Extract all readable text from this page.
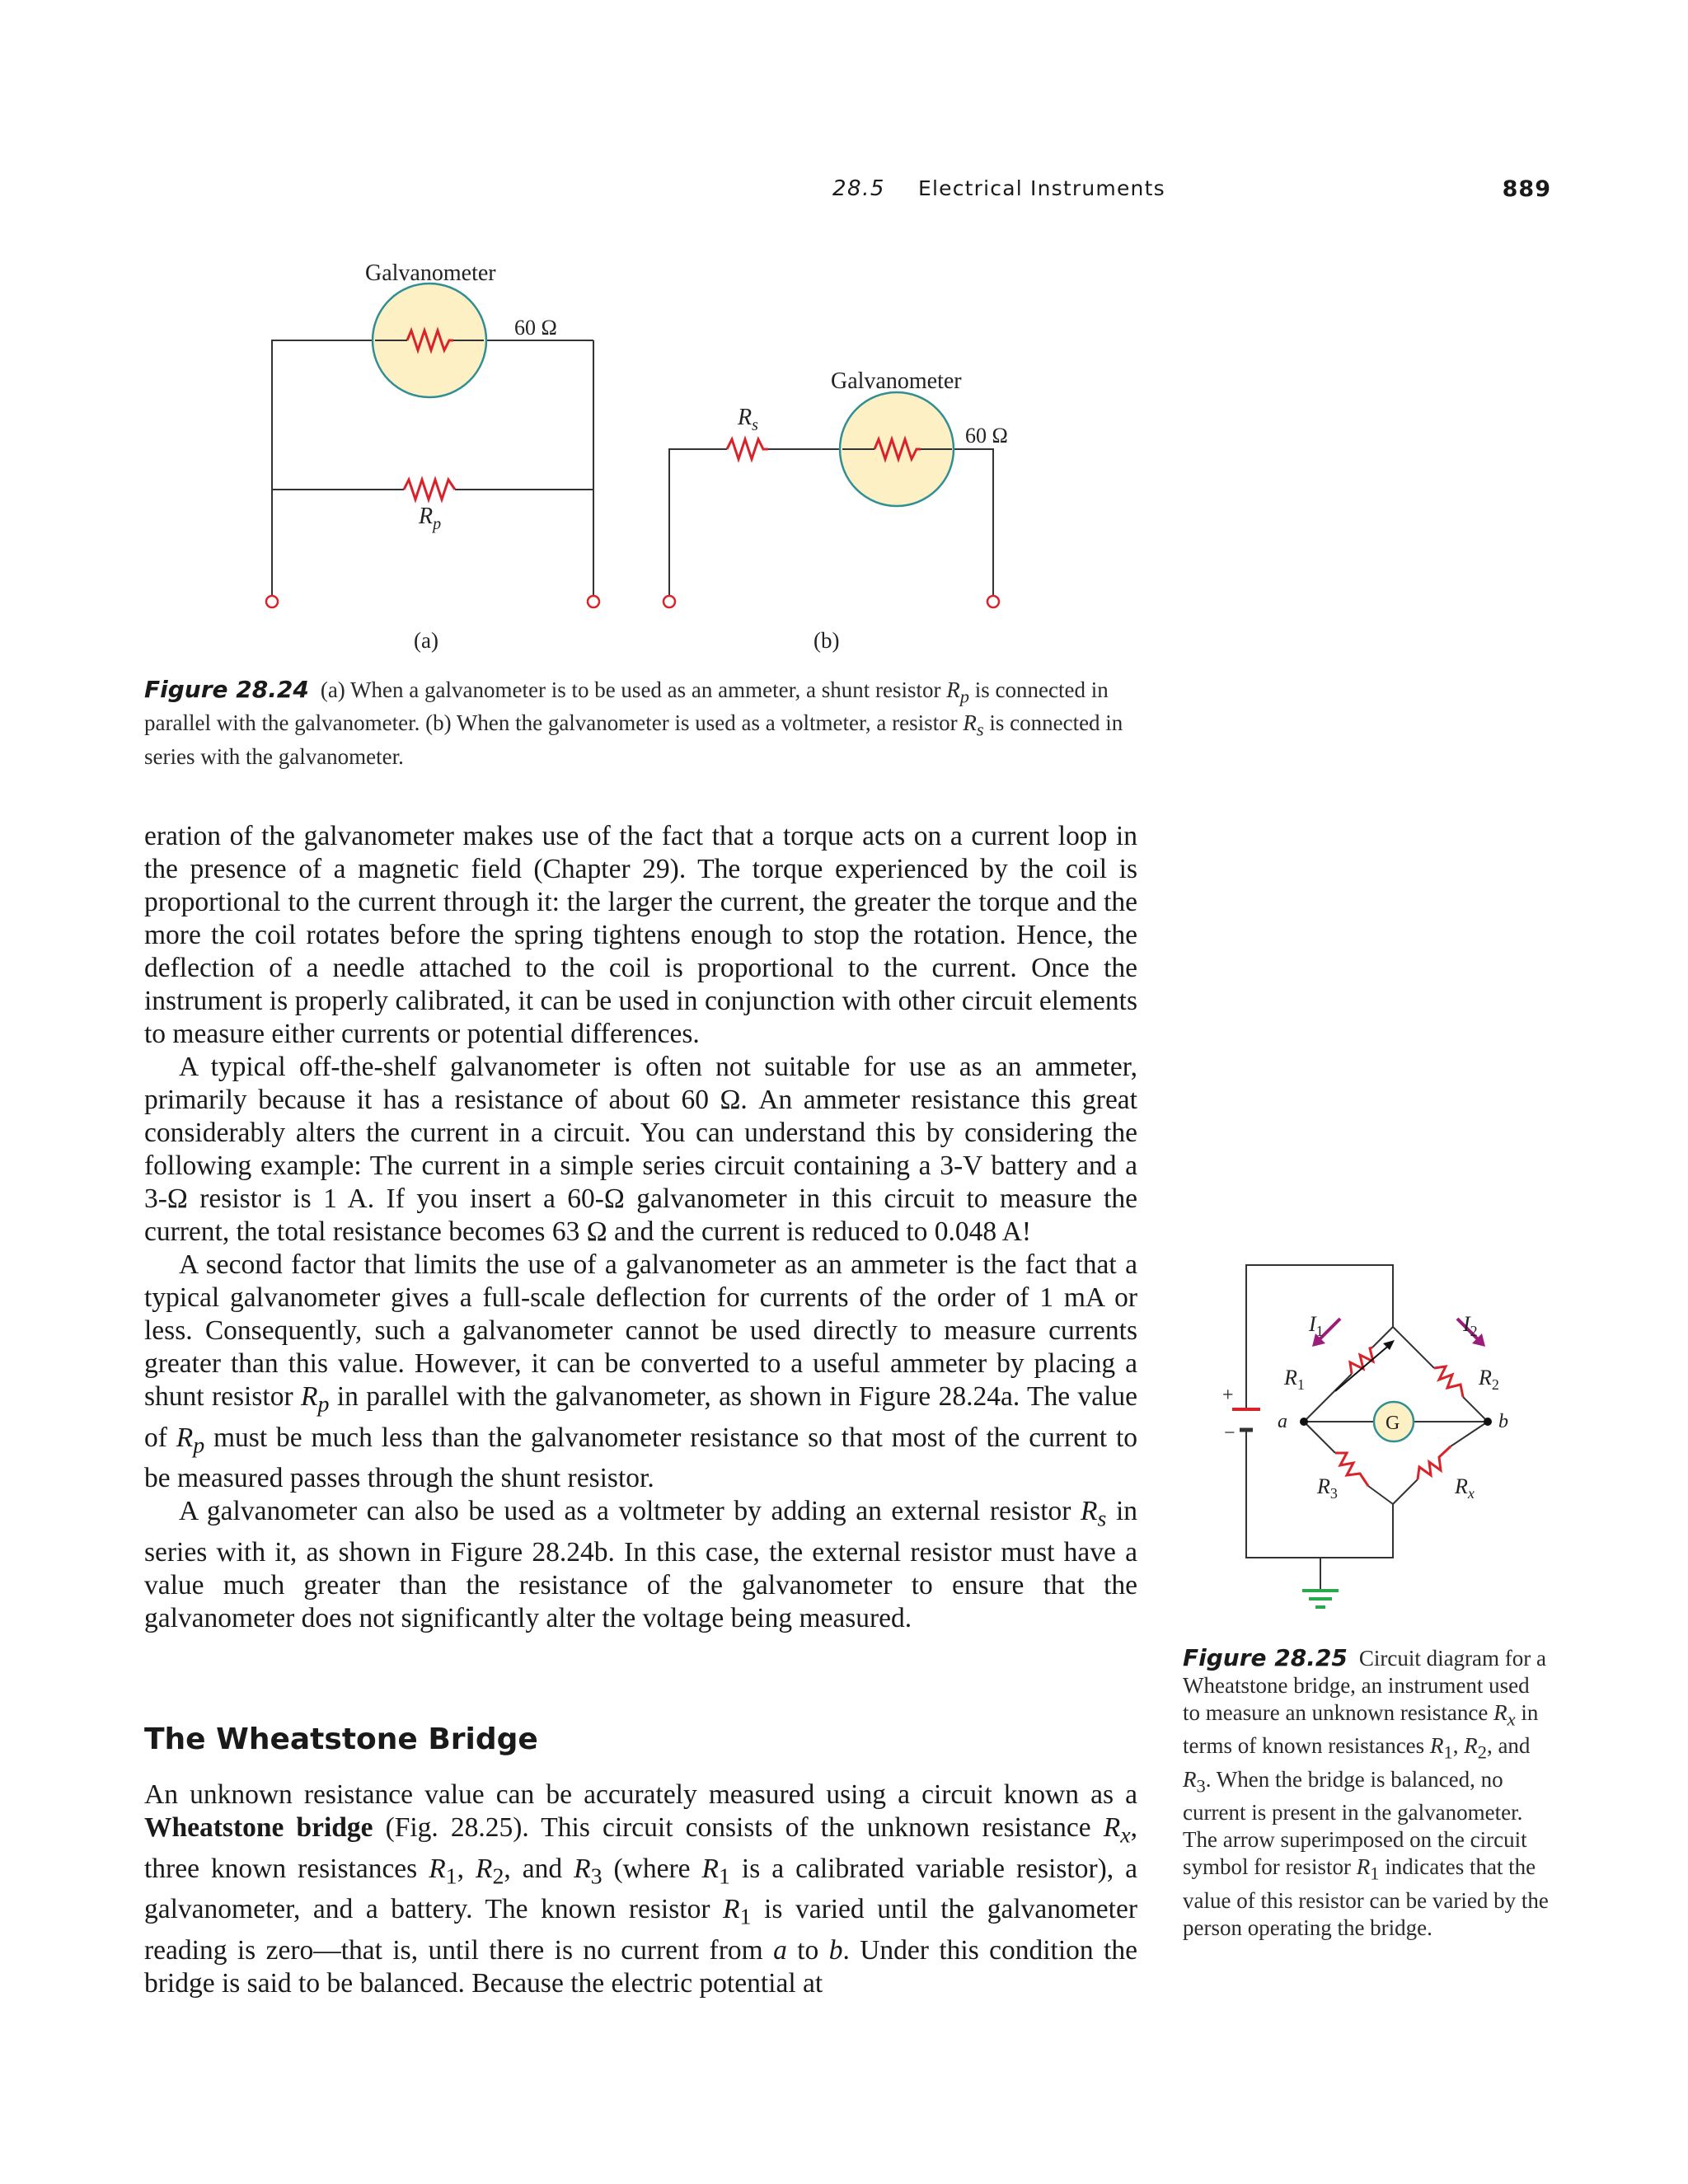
28.5 Electrical Instruments	889
Galvanometer
60 Ω
$R_p$
(a)
Galvanometer
60 Ω
$R_s$
(b)
Figure 28.24 (a) When a galvanometer is to be used as an ammeter, a shunt resistor $R_p$ is connected in parallel with the galvanometer. (b) When the galvanometer is used as a voltmeter, a resistor $R_s$ is connected in series with the galvanometer.

eration of the galvanometer makes use of the fact that a torque acts on a current loop in the presence of a magnetic field (Chapter 29). The torque experienced by the coil is proportional to the current through it: the larger the current, the greater the torque and the more the coil rotates before the spring tightens enough to stop the rotation. Hence, the deflection of a needle attached to the coil is proportional to the current. Once the instrument is properly calibrated, it can be used in conjunction with other circuit elements to measure either currents or potential differences.

A typical off-the-shelf galvanometer is often not suitable for use as an ammeter, primarily because it has a resistance of about 60 Ω. An ammeter resistance this great considerably alters the current in a circuit. You can understand this by considering the following example: The current in a simple series circuit containing a 3-V battery and a 3-Ω resistor is 1 A. If you insert a 60-Ω galvanometer in this circuit to measure the current, the total resistance becomes 63 Ω and the current is reduced to 0.048 A!

A second factor that limits the use of a galvanometer as an ammeter is the fact that a typical galvanometer gives a full-scale deflection for currents of the order of 1 mA or less. Consequently, such a galvanometer cannot be used directly to measure currents greater than this value. However, it can be converted to a useful ammeter by placing a shunt resistor $R_p$ in parallel with the galvanometer, as shown in Figure 28.24a. The value of $R_p$ must be much less than the galvanometer resistance so that most of the current to be measured passes through the shunt resistor.

A galvanometer can also be used as a voltmeter by adding an external resistor $R_s$ in series with it, as shown in Figure 28.24b. In this case, the external resistor must have a value much greater than the resistance of the galvanometer to ensure that the galvanometer does not significantly alter the voltage being measured.

The Wheatstone Bridge

An unknown resistance value can be accurately measured using a circuit known as a Wheatstone bridge (Fig. 28.25). This circuit consists of the unknown resistance $R_x$, three known resistances $R_1$, $R_2$, and $R_3$ (where $R_1$ is a calibrated variable resistor), a galvanometer, and a battery. The known resistor $R_1$ is varied until the galvanometer reading is zero—that is, until there is no current from a to b. Under this condition the bridge is said to be balanced. Because the electric potential at

$I_1$	$I_2$
$R_1$	$R_2$
$R_3$	$R_x$
a	b
G
+
−
Figure 28.25 Circuit diagram for a Wheatstone bridge, an instrument used to measure an unknown resistance $R_x$ in terms of known resistances $R_1$, $R_2$, and $R_3$. When the bridge is balanced, no current is present in the galvanometer. The arrow superimposed on the circuit symbol for resistor $R_1$ indicates that the value of this resistor can be varied by the person operating the bridge.
